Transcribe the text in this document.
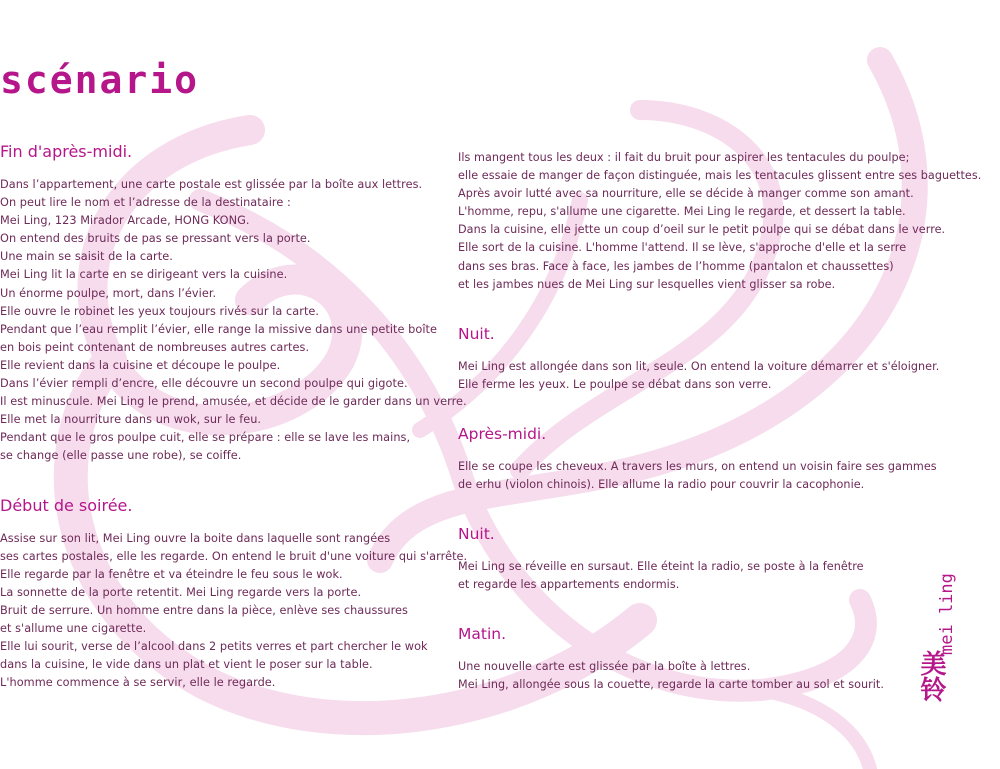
scénario
Fin d'après-midi.

Dans l’appartement, une carte postale est glissée par la boîte aux lettres.
On peut lire le nom et l’adresse de la destinataire :
Mei Ling, 123 Mirador Arcade, HONG KONG.
On entend des bruits de pas se pressant vers la porte.
Une main se saisit de la carte.
Mei Ling lit la carte en se dirigeant vers la cuisine.
Un énorme poulpe, mort, dans l’évier.
Elle ouvre le robinet les yeux toujours rivés sur la carte.
Pendant que l’eau remplit l’évier, elle range la missive dans une petite boîte
en bois peint contenant de nombreuses autres cartes.
Elle revient dans la cuisine et découpe le poulpe.
Dans l’évier rempli d’encre, elle découvre un second poulpe qui gigote.
Il est minuscule. Mei Ling le prend, amusée, et décide de le garder dans un verre.
Elle met la nourriture dans un wok, sur le feu.
Pendant que le gros poulpe cuit, elle se prépare : elle se lave les mains,
se change (elle passe une robe), se coiffe.

Début de soirée.

Assise sur son lit, Mei Ling ouvre la boite dans laquelle sont rangées
ses cartes postales, elle les regarde. On entend le bruit d'une voiture qui s'arrête.
Elle regarde par la fenêtre et va éteindre le feu sous le wok.
La sonnette de la porte retentit. Mei Ling regarde vers la porte.
Bruit de serrure. Un homme entre dans la pièce, enlève ses chaussures
et s'allume une cigarette.
Elle lui sourit, verse de l’alcool dans 2 petits verres et part chercher le wok
dans la cuisine, le vide dans un plat et vient le poser sur la table.
L'homme commence à se servir, elle le regarde.

Ils mangent tous les deux : il fait du bruit pour aspirer les tentacules du poulpe;
elle essaie de manger de façon distinguée, mais les tentacules glissent entre ses baguettes.
Après avoir lutté avec sa nourriture, elle se décide à manger comme son amant.
L'homme, repu, s'allume une cigarette. Mei Ling le regarde, et dessert la table.
Dans la cuisine, elle jette un coup d’oeil sur le petit poulpe qui se débat dans le verre.
Elle sort de la cuisine. L'homme l'attend. Il se lève, s'approche d'elle et la serre
dans ses bras. Face à face, les jambes de l’homme (pantalon et chaussettes)
et les jambes nues de Mei Ling sur lesquelles vient glisser sa robe.

Nuit.

Mei Ling est allongée dans son lit, seule. On entend la voiture démarrer et s'éloigner.
Elle ferme les yeux. Le poulpe se débat dans son verre.

Après-midi.

Elle se coupe les cheveux. A travers les murs, on entend un voisin faire ses gammes
de erhu (violon chinois). Elle allume la radio pour couvrir la cacophonie.

Nuit.

Mei Ling se réveille en sursaut. Elle éteint la radio, se poste à la fenêtre
et regarde les appartements endormis.

Matin.

Une nouvelle carte est glissée par la boîte à lettres.
Mei Ling, allongée sous la couette, regarde la carte tomber au sol et sourit.

mei ling
美铃
